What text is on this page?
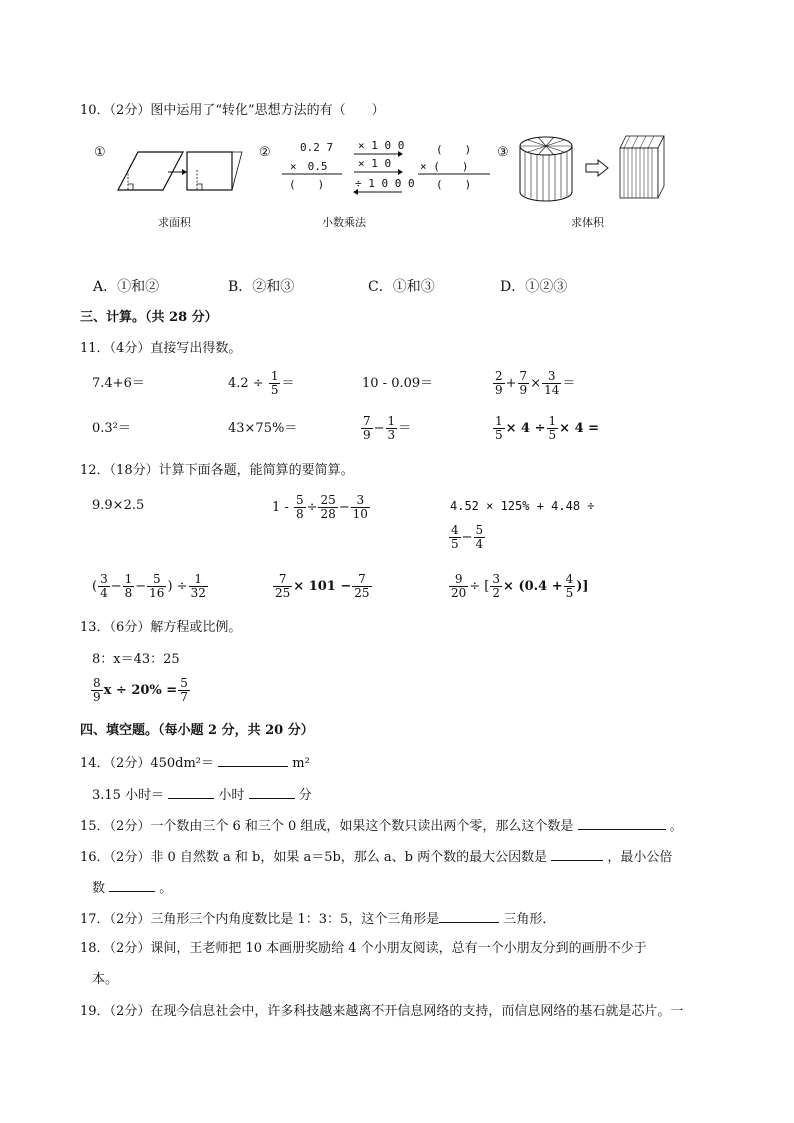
10．（2分）图中运用了“转化”思想方法的有（　　）
①
求面积
②	0.2 7
×　0.5
(　　)
× 1 0 0
× 1 0
÷ 1 0 0 0
(　　)
× (　　)
(　　)
小数乘法
③
求体积
A．①和②	B．②和③	C．①和③	D．①②③
三、计算。（共 28 分）
11．（4分）直接写出得数。
7.4+6＝	$4.2 \div \frac{1}{5}$ ＝	10 - 0.09＝	$\frac{2}{9} + \frac{7}{9} \times \frac{3}{14}$ ＝
0.3²＝	43×75%＝	$\frac{7}{9} - \frac{1}{3}$ ＝	$\frac{1}{5} \times 4 \div \frac{1}{5} \times 4$ =
12．（18分）计算下面各题，能简算的要简算。
9.9×2.5	$1 - \frac{5}{8} \div \frac{25}{28} - \frac{3}{10}$	4.52 × 125% + 4.48 ÷
$\frac{4}{5} - \frac{5}{4}$
( $\frac{3}{4} - \frac{1}{8} - \frac{5}{16}$ ) ÷ $\frac{1}{32}$	$\frac{7}{25} \times 101 - \frac{7}{25}$	$\frac{9}{20}$ ÷ [ $\frac{3}{2} \times (0.4 + \frac{4}{5}$ )]
13．（6分）解方程或比例。
8：x＝43：25
$\frac{8}{9}$ $x \div 20\% = \frac{5}{7}$
四、填空题。（每小题 2 分，共 20 分）
14．（2分）450dm²＝	m²
3.15 小时＝	小时	分
15．（2分）一个数由三个 6 和三个 0 组成，如果这个数只读出两个零，那么这个数是	。
16．（2分）非 0 自然数 a 和 b，如果 a＝5b，那么 a、b 两个数的最大公因数是	，最小公倍
数	。
17．（2分）三角形三个内角度数比是 1：3：5，这个三角形是	三角形．
18．（2分）课间，王老师把 10 本画册奖励给 4 个小朋友阅读，总有一个小朋友分到的画册不少于
本。
19．（2分）在现今信息社会中，许多科技越来越离不开信息网络的支持，而信息网络的基石就是芯片。一
